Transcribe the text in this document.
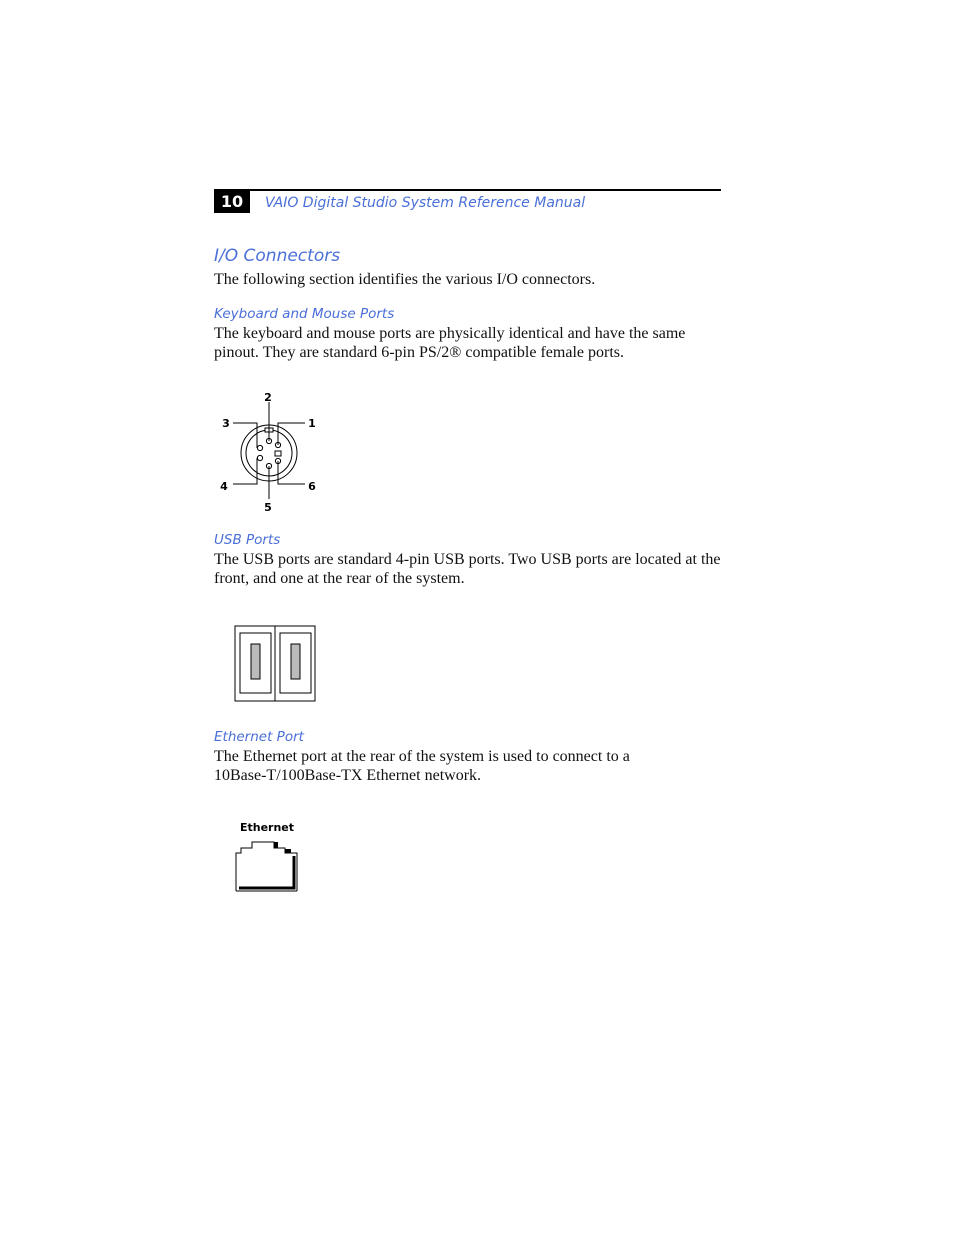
10	VAIO Digital Studio System Reference Manual
I/O Connectors
The following section identifies the various I/O connectors.
Keyboard and Mouse Ports
The keyboard and mouse ports are physically identical and have the same pinout. They are standard 6-pin PS/2® compatible female ports.
2
3	1
4	6
5
USB Ports
The USB ports are standard 4-pin USB ports. Two USB ports are located at the front, and one at the rear of the system.
Ethernet Port
The Ethernet port at the rear of the system is used to connect to a 10Base-T/100Base-TX Ethernet network.
Ethernet
